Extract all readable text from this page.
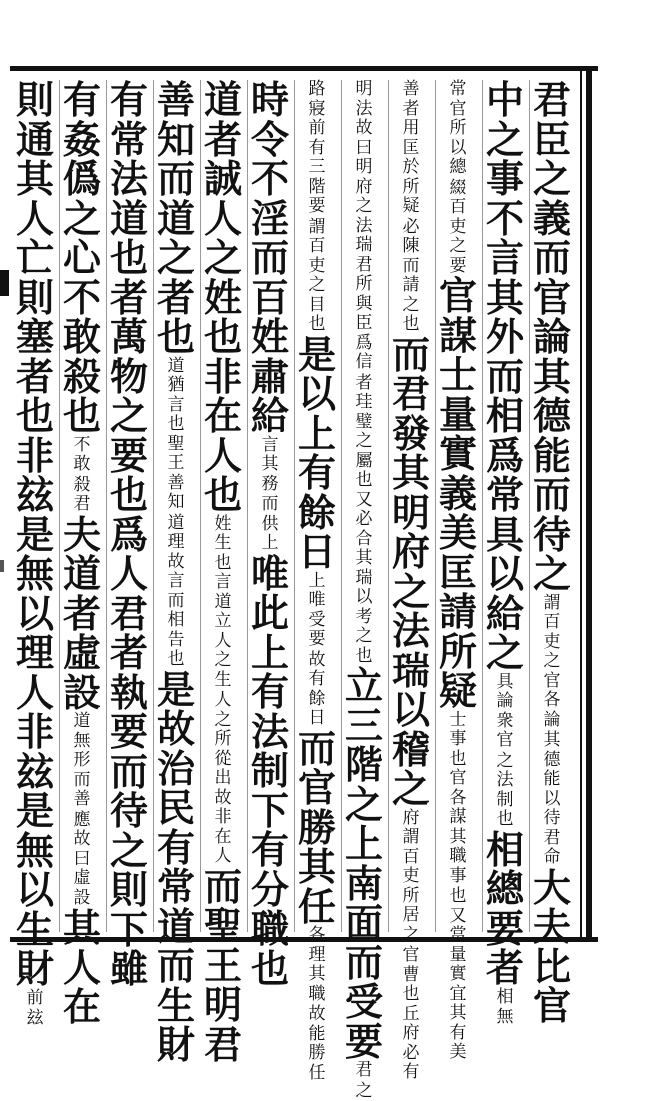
君
臣
之
義
而
官
論
其
德
能
而
待
之
謂
百
吏
之
官
各
論
其
德
能
以
待
君
命
大
夫
比
官
中
之
事
不
言
其
外
而
相
爲
常
具
以
給
之
具
論
衆
官
之
法
制
也
相
總
要
者
相
無
常
官
所
以
總
綴
百
吏
之
要
官
謀
士
量
實
義
美
匡
請
所
疑
士
事
也
官
各
謀
其
職
事
也
又
當
量
實
宜
其
有
美
善
者
用
匡
於
所
疑
必
陳
而
請
之
也
而
君
發
其
明
府
之
法
瑞
以
稽
之
府
謂
百
吏
所
居
之
官
曹
也
丘
府
必
有
明
法
故
曰
明
府
之
法
瑞
君
所
與
臣
爲
信
者
珪
璧
之
屬
也
又
必
合
其
瑞
以
考
之
也
立
三
階
之
上
南
面
而
受
要
君
之
路
寢
前
有
三
階
要
謂
百
吏
之
目
也
是
以
上
有
餘
日
上
唯
受
要
故
有
餘
日
而
官
勝
其
任
各
理
其
職
故
能
勝
任
時
令
不
淫
而
百
姓
肅
給
言
其
務
而
供
上
唯
此
上
有
法
制
下
有
分
職
也
道
者
誠
人
之
姓
也
非
在
人
也
姓
生
也
言
道
立
人
之
生
人
之
所
從
出
故
非
在
人
而
聖
王
明
君
善
知
而
道
之
者
也
道
猶
言
也
聖
王
善
知
道
理
故
言
而
相
告
也
是
故
治
民
有
常
道
而
生
財
有
常
法
道
也
者
萬
物
之
要
也
爲
人
君
者
執
要
而
待
之
則
下
雖
有
姦
僞
之
心
不
敢
殺
也
不
敢
殺
君
夫
道
者
虛
設
道
無
形
而
善
應
故
曰
虛
設
其
人
在
則
通
其
人
亡
則
塞
者
也
非
玆
是
無
以
理
人
非
玆
是
無
以
生
財
前
玆
